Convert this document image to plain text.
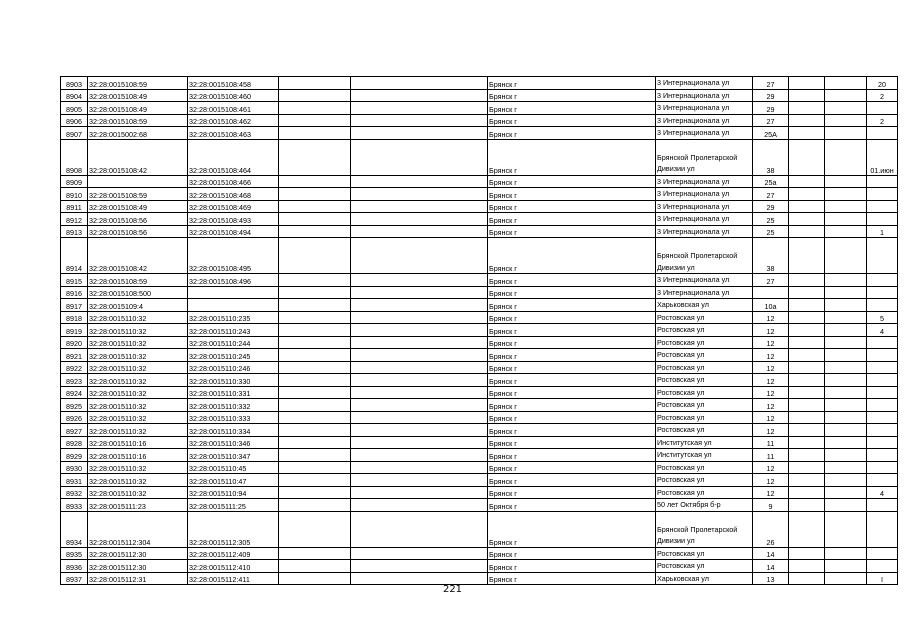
8903	32:28:0015108:59	32:28:0015108:458			Брянск г	3 Интернационала ул	27			20
8904	32:28:0015108:49	32:28:0015108:460			Брянск г	3 Интернационала ул	29			2
8905	32:28:0015108:49	32:28:0015108:461			Брянск г	3 Интернационала ул	29			
8906	32:28:0015108:59	32:28:0015108:462			Брянск г	3 Интернационала ул	27			2
8907	32:28:0015002:68	32:28:0015108:463			Брянск г	3 Интернационала ул	25А			
8908	32:28:0015108:42	32:28:0015108:464			Брянск г	Брянской Пролетарской Дивизии ул	38			01.июн
8909		32:28:0015108:466			Брянск г	3 Интернационала ул	25а			
8910	32:28:0015108:59	32:28:0015108:468			Брянск г	3 Интернационала ул	27			
8911	32:28:0015108:49	32:28:0015108:469			Брянск г	3 Интернационала ул	29			
8912	32:28:0015108:56	32:28:0015108:493			Брянск г	3 Интернационала ул	25			
8913	32:28:0015108:56	32:28:0015108:494			Брянск г	3 Интернационала ул	25			1
8914	32:28:0015108:42	32:28:0015108:495			Брянск г	Брянской Пролетарской Дивизии ул	38			
8915	32:28:0015108:59	32:28:0015108:496			Брянск г	3 Интернационала ул	27			
8916	32:28:0015108:500				Брянск г	3 Интернационала ул				
8917	32:28:0015109:4				Брянск г	Харьковская ул	10а			
8918	32:28:0015110:32	32:28:0015110:235			Брянск г	Ростовская ул	12			5
8919	32:28:0015110:32	32:28:0015110:243			Брянск г	Ростовская ул	12			4
8920	32:28:0015110:32	32:28:0015110:244			Брянск г	Ростовская ул	12			
8921	32:28:0015110:32	32:28:0015110:245			Брянск г	Ростовская ул	12			
8922	32:28:0015110:32	32:28:0015110:246			Брянск г	Ростовская ул	12			
8923	32:28:0015110:32	32:28:0015110:330			Брянск г	Ростовская ул	12			
8924	32:28:0015110:32	32:28:0015110:331			Брянск г	Ростовская ул	12			
8925	32:28:0015110:32	32:28:0015110:332			Брянск г	Ростовская ул	12			
8926	32:28:0015110:32	32:28:0015110:333			Брянск г	Ростовская ул	12			
8927	32:28:0015110:32	32:28:0015110:334			Брянск г	Ростовская ул	12			
8928	32:28:0015110:16	32:28:0015110:346			Брянск г	Институтская ул	11			
8929	32:28:0015110:16	32:28:0015110:347			Брянск г	Институтская ул	11			
8930	32:28:0015110:32	32:28:0015110:45			Брянск г	Ростовская ул	12			
8931	32:28:0015110:32	32:28:0015110:47			Брянск г	Ростовская ул	12			
8932	32:28:0015110:32	32:28:0015110:94			Брянск г	Ростовская ул	12			4
8933	32:28:0015111:23	32:28:0015111:25			Брянск г	50 лет Октября б-р	9			
8934	32:28:0015112:304	32:28:0015112:305			Брянск г	Брянской Пролетарской Дивизии ул	26			
8935	32:28:0015112:30	32:28:0015112:409			Брянск г	Ростовская ул	14			
8936	32:28:0015112:30	32:28:0015112:410			Брянск г	Ростовская ул	14			
8937	32:28:0015112:31	32:28:0015112:411			Брянск г	Харьковская ул	13			I
221
